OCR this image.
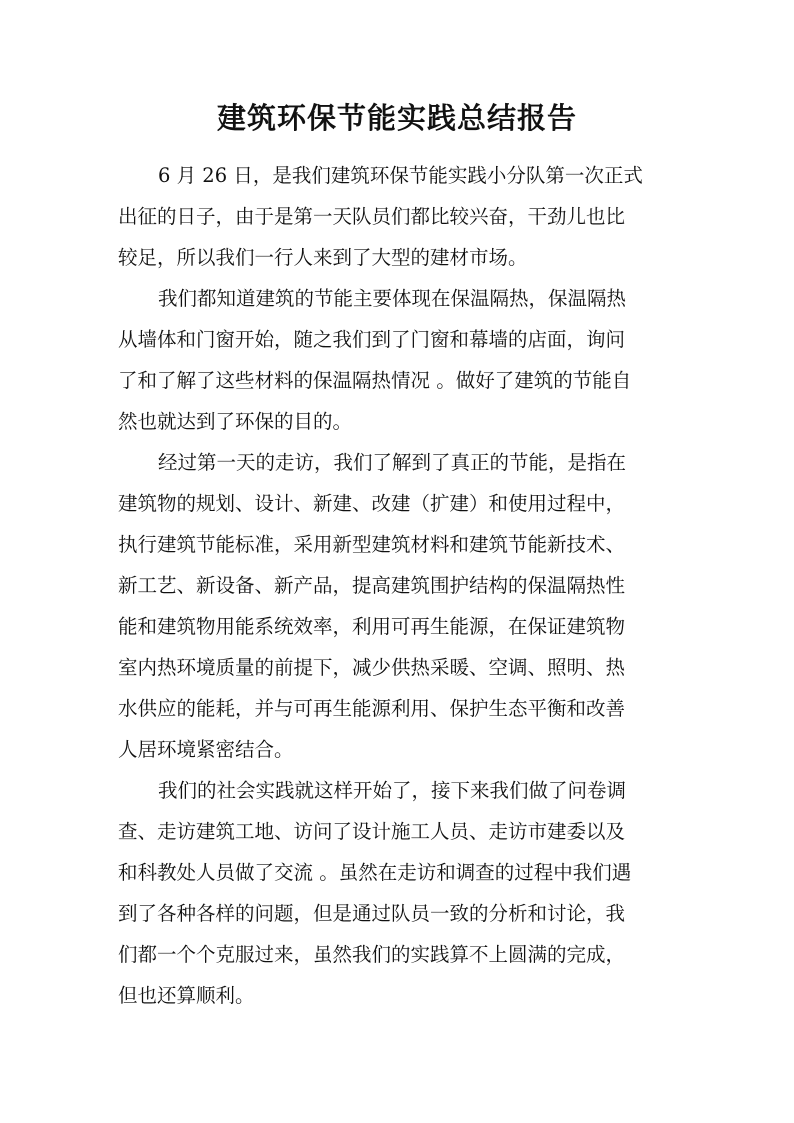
建筑环保节能实践总结报告
6 月 26 日，是我们建筑环保节能实践小分队第一次正式
出征的日子，由于是第一天队员们都比较兴奋，干劲儿也比
较足，所以我们一行人来到了大型的建材市场。
我们都知道建筑的节能主要体现在保温隔热，保温隔热
从墙体和门窗开始，随之我们到了门窗和幕墙的店面，询问
了和了解了这些材料的保温隔热情况 。做好了建筑的节能自
然也就达到了环保的目的。
经过第一天的走访，我们了解到了真正的节能，是指在
建筑物的规划、设计、新建、改建（扩建）和使用过程中，
执行建筑节能标准，采用新型建筑材料和建筑节能新技术、
新工艺、新设备、新产品，提高建筑围护结构的保温隔热性
能和建筑物用能系统效率，利用可再生能源，在保证建筑物
室内热环境质量的前提下，减少供热采暖、空调、照明、热
水供应的能耗，并与可再生能源利用、保护生态平衡和改善
人居环境紧密结合。
我们的社会实践就这样开始了，接下来我们做了问卷调
查、走访建筑工地、访问了设计施工人员、走访市建委以及
和科教处人员做了交流 。虽然在走访和调查的过程中我们遇
到了各种各样的问题，但是通过队员一致的分析和讨论，我
们都一个个克服过来，虽然我们的实践算不上圆满的完成，
但也还算顺利。
